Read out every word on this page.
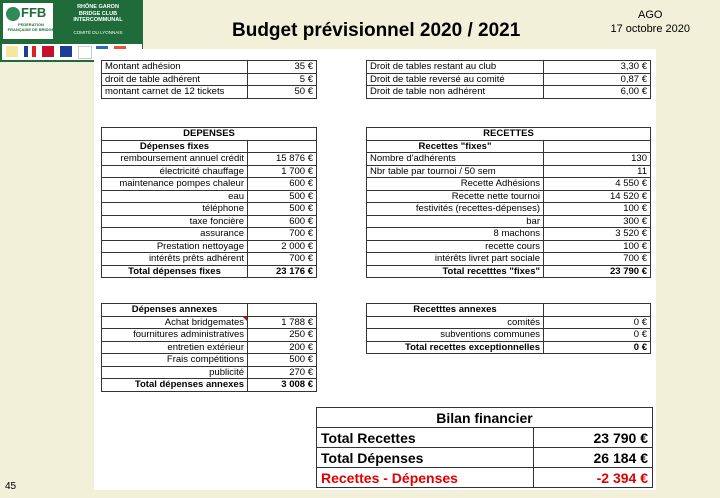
FFB
FEDERATION FRANÇAISE DE BRIDGE
RHÔNE GARON
BRIDGE CLUB
INTERCOMMUNAL
COMITÉ DU LYONNAIS	Budget prévisionnel 2020 / 2021
AGO
17 octobre 2020
Montant adhésion	35 €
droit de table adhérent	5 €
montant carnet de 12 tickets	50 €
Droit de tables restant au club	3,30 €
Droit de table reversé au comité	0,87 €
Droit de table non adhérent	6,00 €
DEPENSES	
Dépenses fixes	
remboursement annuel crédit	15 876 €
électricité chauffage	1 700 €
maintenance pompes chaleur	600 €
eau	500 €
téléphone	500 €
taxe foncière	600 €
assurance	700 €
Prestation nettoyage	2 000 €
intérêts prêts adhérent	700 €
Total dépenses fixes	23 176 €
RECETTES	
Recettes "fixes"	
Nombre d'adhérents	130
Nbr table par tournoi / 50 sem	11
Recette Adhésions	4 550 €
Recette nette tournoi	14 520 €
festivités (recettes-dépenses)	100 €
bar	300 €
8 machons	3 520 €
recette cours	100 €
intérêts livret part sociale	700 €
Total recetttes "fixes"	23 790 €
Dépenses annexes	
Achat bridgemates	1 788 €
fournitures administratives	250 €
entretien extérieur	200 €
Frais compétitions	500 €
publicité	270 €
Total dépenses annexes	3 008 €
Recetttes annexes	
comités	0 €
subventions communes	0 €
Total recettes exceptionnelles	0 €
Bilan financier	
Total Recettes	23 790 €
Total Dépenses	26 184 €
Recettes - Dépenses	-2 394 €
45
